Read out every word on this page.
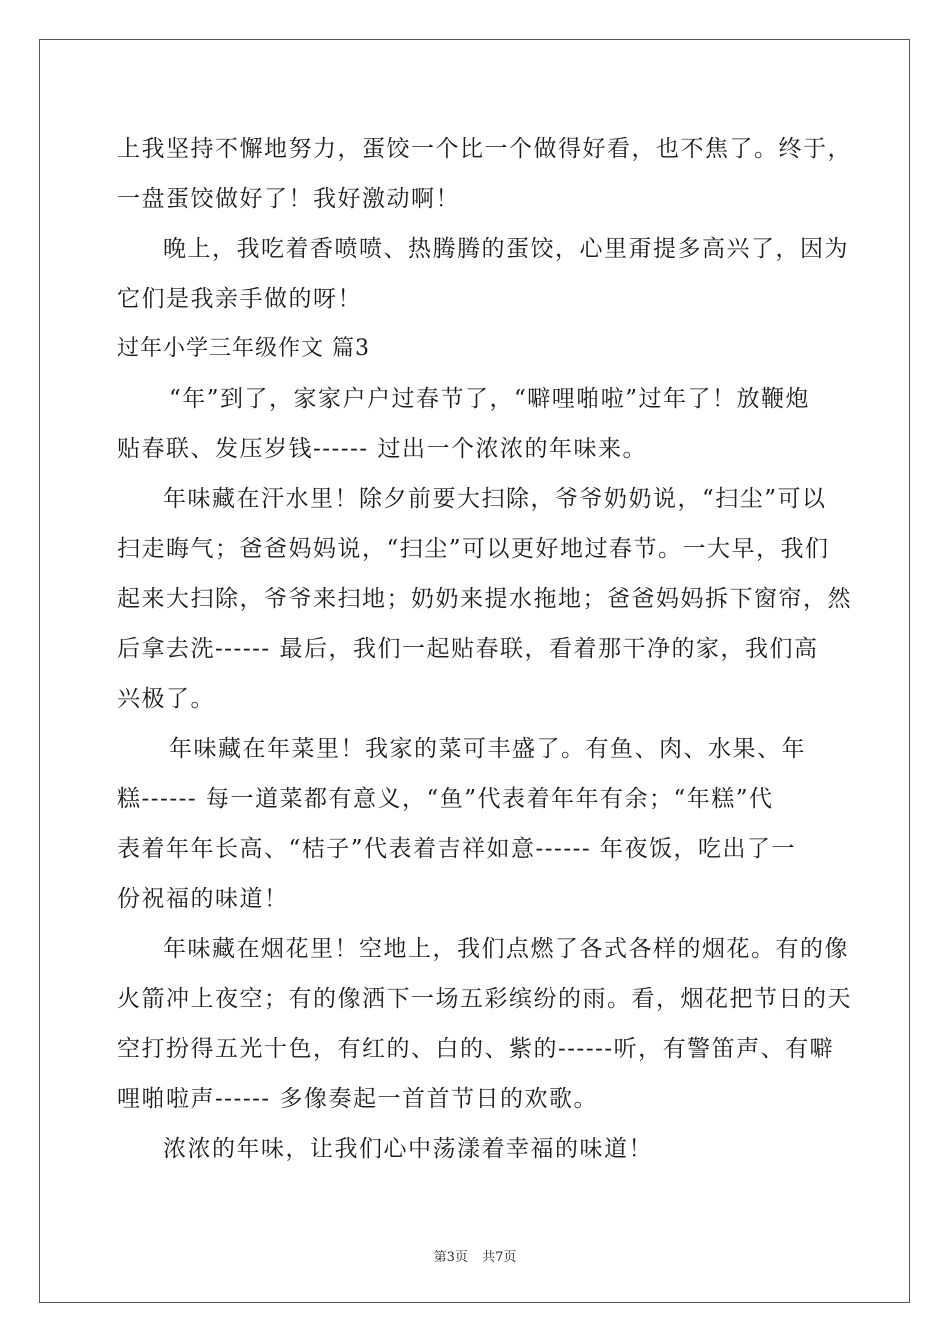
上我坚持不懈地努力，蛋饺一个比一个做得好看，也不焦了。终于，
一盘蛋饺做好了！我好激动啊！
晚上，我吃着香喷喷、热腾腾的蛋饺，心里甭提多高兴了，因为
它们是我亲手做的呀！
过年小学三年级作文 篇3
“年”到了，家家户户过春节了，“噼哩啪啦”过年了！放鞭炮
贴春联、发压岁钱------ 过出一个浓浓的年味来。
年味藏在汗水里！除夕前要大扫除，爷爷奶奶说，“扫尘”可以
扫走晦气；爸爸妈妈说，“扫尘”可以更好地过春节。一大早，我们
起来大扫除，爷爷来扫地；奶奶来提水拖地；爸爸妈妈拆下窗帘，然
后拿去洗------ 最后，我们一起贴春联，看着那干净的家，我们高
兴极了。
年味藏在年菜里！我家的菜可丰盛了。有鱼、肉、水果、年
糕------ 每一道菜都有意义，“鱼”代表着年年有余；“年糕”代
表着年年长高、“桔子”代表着吉祥如意------ 年夜饭，吃出了一
份祝福的味道！
年味藏在烟花里！空地上，我们点燃了各式各样的烟花。有的像
火箭冲上夜空；有的像洒下一场五彩缤纷的雨。看，烟花把节日的天
空打扮得五光十色，有红的、白的、紫的------听，有警笛声、有噼
哩啪啦声------ 多像奏起一首首节日的欢歌。
浓浓的年味，让我们心中荡漾着幸福的味道！
第3页 共7页
